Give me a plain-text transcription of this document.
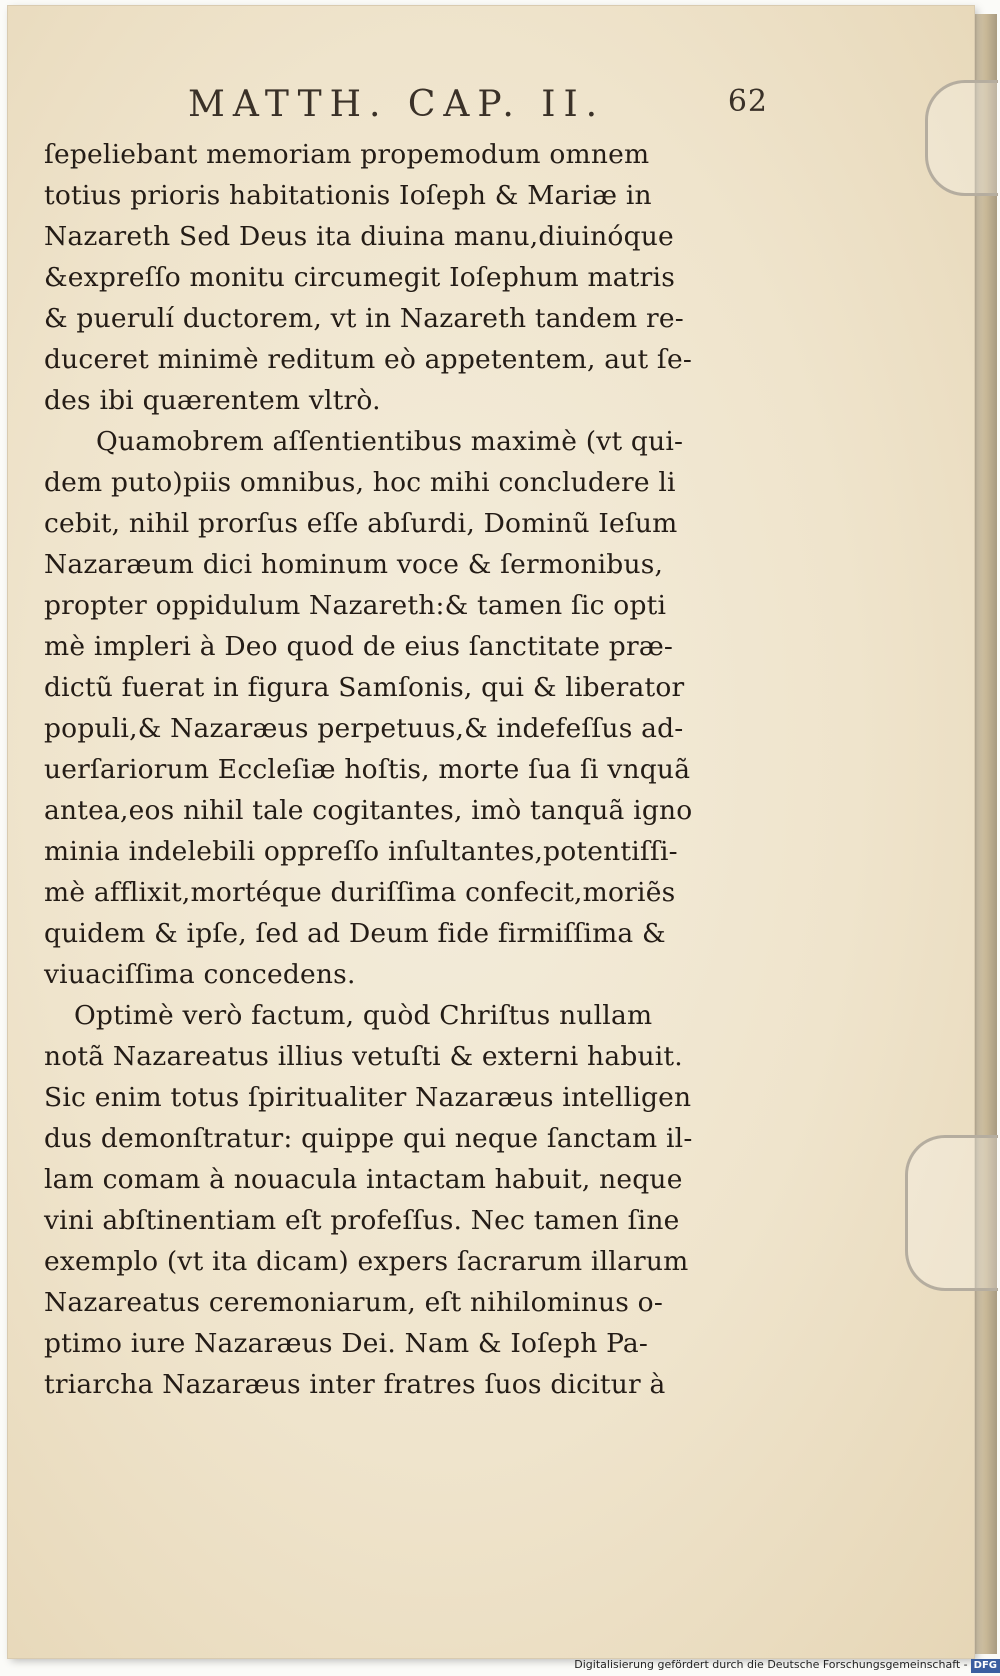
MATTH. CAP. II.	62
ſepeliebant memoriam propemodum omnem
totius prioris habitationis Ioſeph & Mariæ in
Nazareth Sed Deus ita diuina manu,diuinóque
&expreſſo monitu circumegit Ioſephum matris
& puerulí ductorem, vt in Nazareth tandem re-
duceret minimè reditum eò appetentem, aut ſe-
des ibi quærentem vltrò.
Quamobrem aſſentientibus maximè (vt qui-
dem puto)piis omnibus, hoc mihi concludere li
cebit, nihil prorſus eſſe abſurdi, Dominũ Ieſum
Nazaræum dici hominum voce & ſermonibus,
propter oppidulum Nazareth:& tamen ſic opti
mè impleri à Deo quod de eius ſanctitate præ-
dictũ fuerat in figura Samſonis, qui & liberator
populi,& Nazaræus perpetuus,& indefeſſus ad-
uerſariorum Eccleſiæ hoſtis, morte ſua ſi vnquã
antea,eos nihil tale cogitantes, imò tanquã igno
minia indelebili oppreſſo inſultantes,potentiſſi-
mè afflixit,mortéque duriſſima confecit,moriẽs
quidem & ipſe, ſed ad Deum fide firmiſſima &
viuaciſſima concedens.
Optimè verò factum, quòd Chriſtus nullam
notã Nazareatus illius vetuſti & externi habuit.
Sic enim totus ſpiritualiter Nazaræus intelligen
dus demonſtratur: quippe qui neque ſanctam il-
lam comam à nouacula intactam habuit, neque
vini abſtinentiam eſt profeſſus. Nec tamen ſine
exemplo (vt ita dicam) expers ſacrarum illarum
Nazareatus ceremoniarum, eſt nihilominus o-
ptimo iure Nazaræus Dei. Nam & Ioſeph Pa-
triarcha Nazaræus inter fratres ſuos dicitur à
Digitalisierung gefördert durch die Deutsche Forschungsgemeinschaft - DFG
